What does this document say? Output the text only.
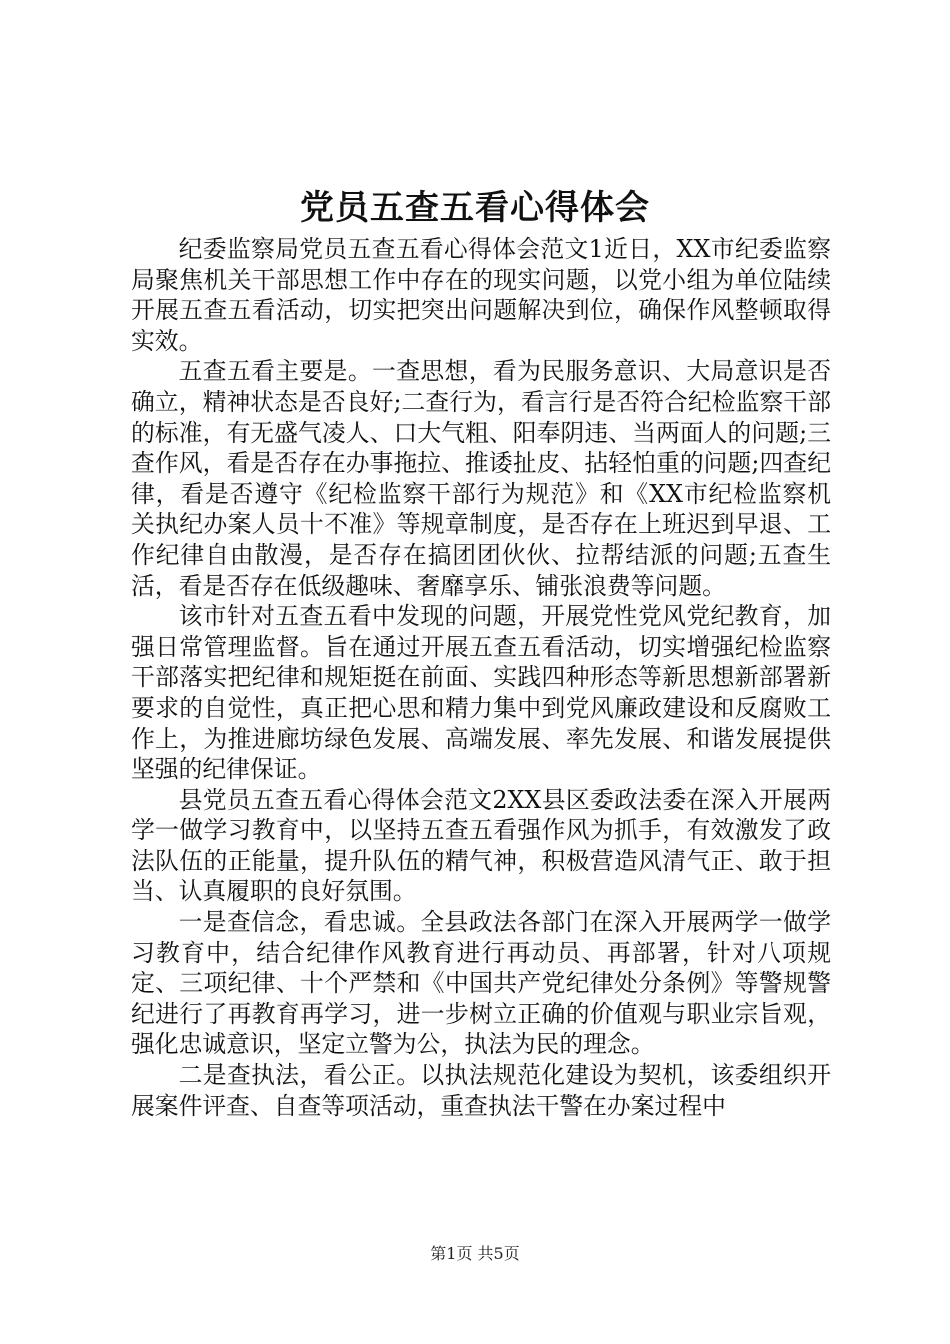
党员五查五看心得体会

纪委监察局党员五查五看心得体会范文1近日，XX市纪委监察局聚焦机关干部思想工作中存在的现实问题，以党小组为单位陆续开展五查五看活动，切实把突出问题解决到位，确保作风整顿取得实效。

五查五看主要是。一查思想，看为民服务意识、大局意识是否确立，精神状态是否良好;二查行为，看言行是否符合纪检监察干部的标准，有无盛气凌人、口大气粗、阳奉阴违、当两面人的问题;三查作风，看是否存在办事拖拉、推诿扯皮、拈轻怕重的问题;四查纪律，看是否遵守《纪检监察干部行为规范》和《XX市纪检监察机关执纪办案人员十不准》等规章制度，是否存在上班迟到早退、工作纪律自由散漫，是否存在搞团团伙伙、拉帮结派的问题;五查生活，看是否存在低级趣味、奢靡享乐、铺张浪费等问题。

该市针对五查五看中发现的问题，开展党性党风党纪教育，加强日常管理监督。旨在通过开展五查五看活动，切实增强纪检监察干部落实把纪律和规矩挺在前面、实践四种形态等新思想新部署新要求的自觉性，真正把心思和精力集中到党风廉政建设和反腐败工作上，为推进廊坊绿色发展、高端发展、率先发展、和谐发展提供坚强的纪律保证。

县党员五查五看心得体会范文2XX县区委政法委在深入开展两学一做学习教育中，以坚持五查五看强作风为抓手，有效激发了政法队伍的正能量，提升队伍的精气神，积极营造风清气正、敢于担当、认真履职的良好氛围。

一是查信念，看忠诚。全县政法各部门在深入开展两学一做学习教育中，结合纪律作风教育进行再动员、再部署，针对八项规定、三项纪律、十个严禁和《中国共产党纪律处分条例》等警规警纪进行了再教育再学习，进一步树立正确的价值观与职业宗旨观，强化忠诚意识，坚定立警为公，执法为民的理念。

二是查执法，看公正。以执法规范化建设为契机，该委组织开展案件评查、自查等项活动，重查执法干警在办案过程中

第1页 共5页
